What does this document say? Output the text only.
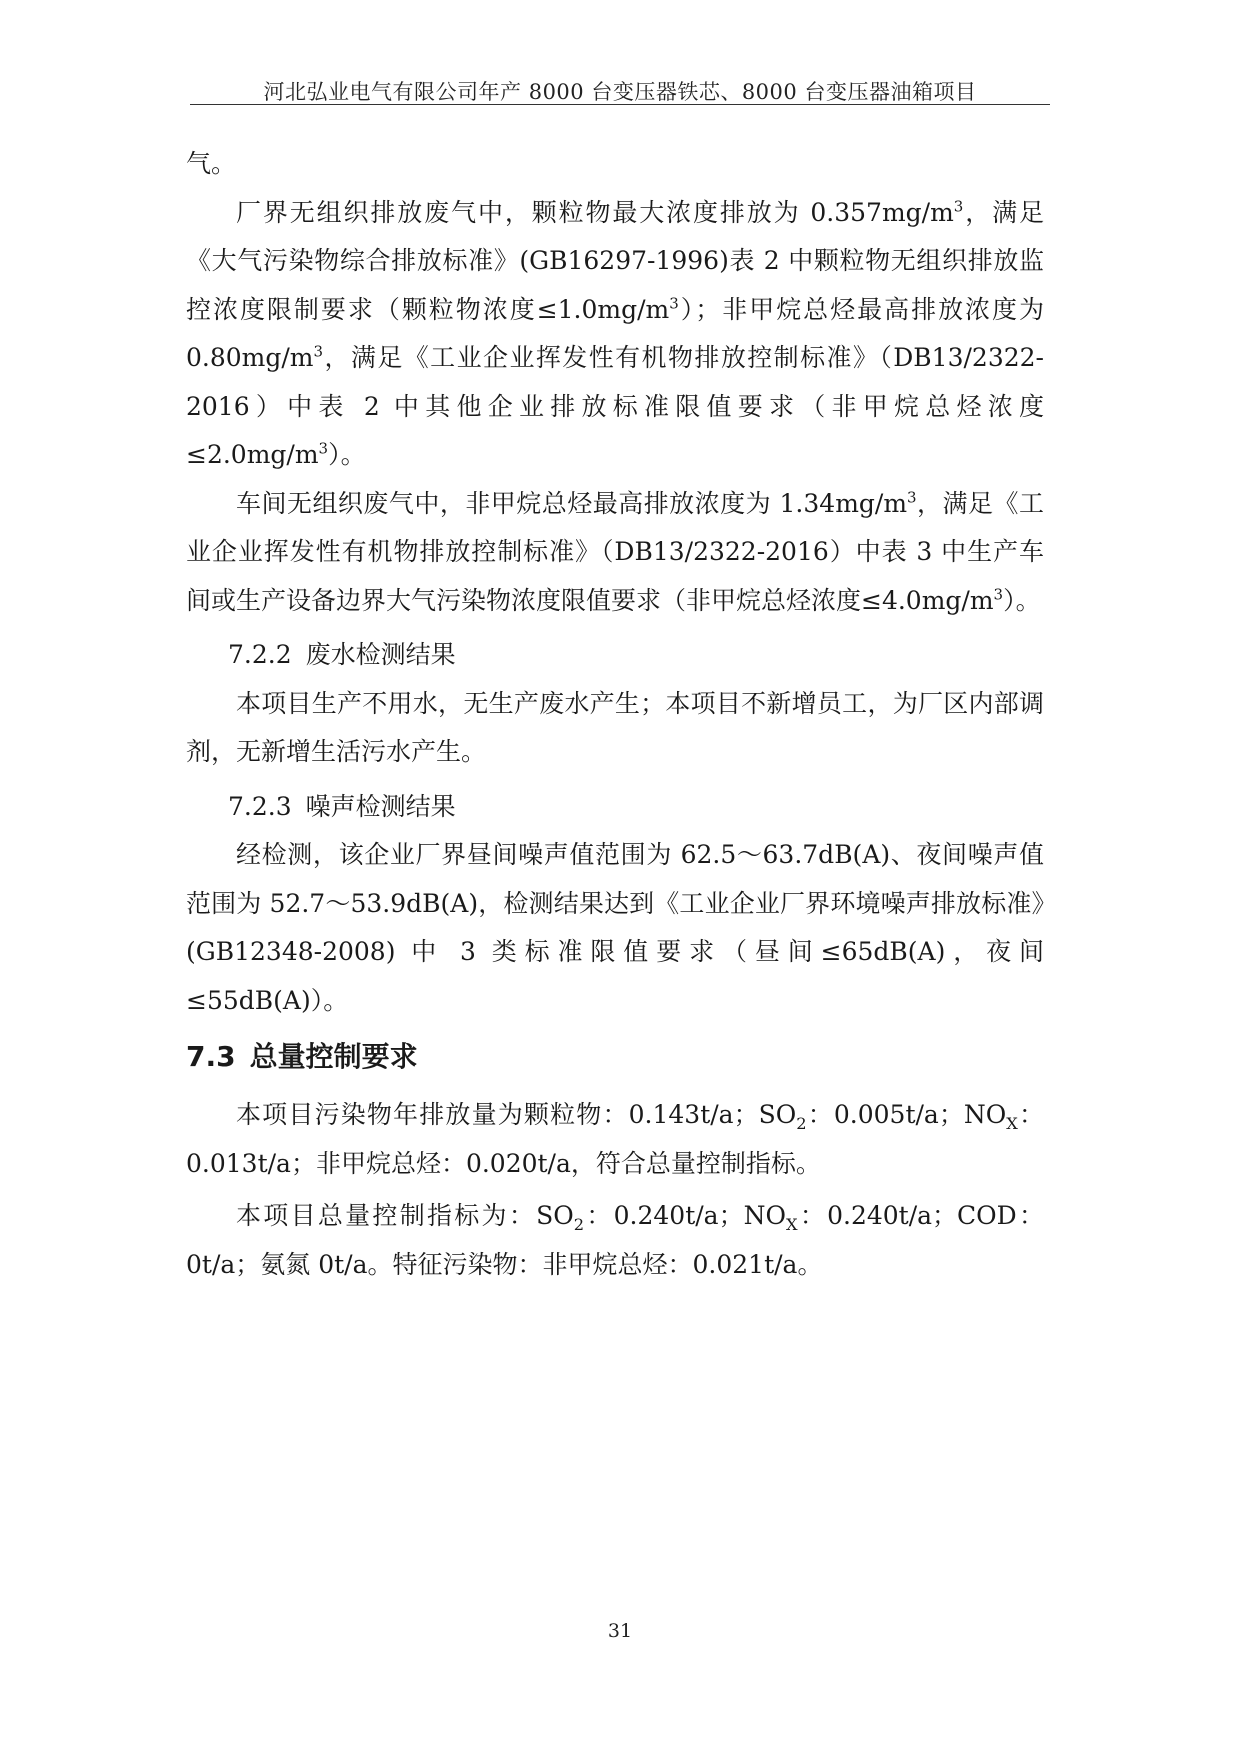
河北弘业电气有限公司年产 8000 台变压器铁芯、8000 台变压器油箱项目

气。

厂界无组织排放废气中，颗粒物最大浓度排放为 $0.357mg/m^3$，满足《大气污染物综合排放标准》(GB16297-1996)表 2 中颗粒物无组织排放监控浓度限制要求（颗粒物浓度$\le 1.0mg/m^3$）；非甲烷总烃最高排放浓度为 $0.80mg/m^3$，满足《工业企业挥发性有机物排放控制标准》（DB13/2322-2016）中表 2 中其他企业排放标准限值要求（非甲烷总烃浓度$\le 2.0mg/m^3$）。

车间无组织废气中，非甲烷总烃最高排放浓度为 $1.34mg/m^3$，满足《工业企业挥发性有机物排放控制标准》（DB13/2322-2016）中表 3 中生产车间或生产设备边界大气污染物浓度限值要求（非甲烷总烃浓度$\le 4.0mg/m^3$）。

7.2.2 废水检测结果

本项目生产不用水，无生产废水产生；本项目不新增员工，为厂区内部调剂，无新增生活污水产生。

7.2.3 噪声检测结果

经检测，该企业厂界昼间噪声值范围为 62.5～63.7dB(A)、夜间噪声值范围为 52.7～53.9dB(A)，检测结果达到《工业企业厂界环境噪声排放标准》(GB12348-2008) 中 3 类标准限值要求（昼间≤65dB(A)，夜间≤55dB(A)）。

7.3 总量控制要求

本项目污染物年排放量为颗粒物：0.143t/a；$SO_2$：0.005t/a；$NO_X$：0.013t/a；非甲烷总烃：0.020t/a，符合总量控制指标。

本项目总量控制指标为：$SO_2$：0.240t/a；$NO_X$：0.240t/a；COD：0t/a；氨氮 0t/a。特征污染物：非甲烷总烃：0.021t/a。

31
